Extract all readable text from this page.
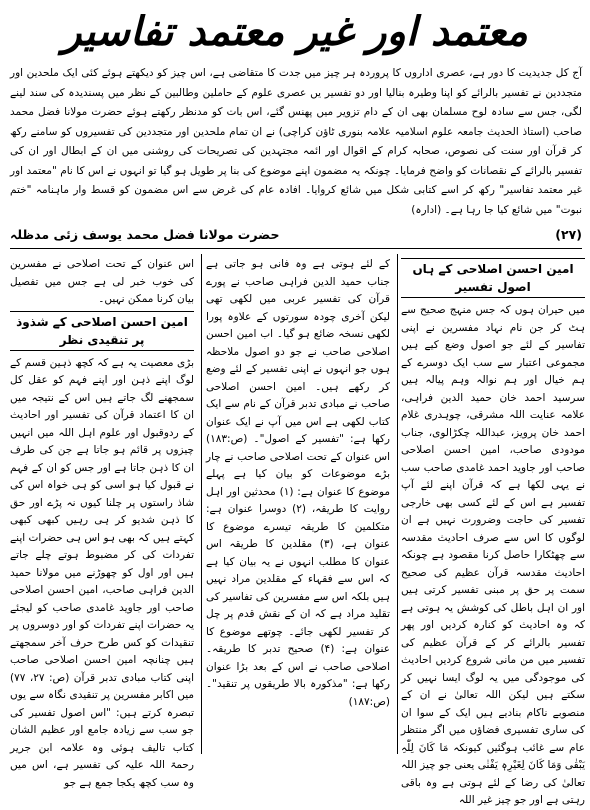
معتمد اور غیر معتمد تفاسیر
آج کل جدیدیت کا دور ہے، عصری اداروں کا پروردہ ہر چیز میں جدت کا متقاضی ہے، اس چیز کو دیکھتے ہوئے کئی ایک ملحدین اور متجددین نے تفسیر بالرائے کو اپنا وطیرہ بنالیا اور دو تفسیر یں عصری علوم کے حاملین وطالبین کے نظر میں پسندیدہ کی سند لینے لگی، جس سے سادہ لوح مسلمان بھی ان کے دام تزویر میں پھنس گئے، اس بات کو مدنظر رکھتے ہوئے حضرت مولانا فضل محمد صاحب (استاذ الحدیث جامعہ علوم اسلامیہ علامہ بنوری ٹاؤن کراچی) نے ان تمام ملحدین اور متجددین کی تفسیروں کو سامنے رکھ کر قرآن اور سنت کی نصوص، صحابہ کرام کے اقوال اور ائمہ مجتہدین کی تصریحات کی روشنی میں ان کے ابطال اور ان کی تفسیر بالرائے کے نقصانات کو واضح فرمایا۔ چونکہ یہ مضمون اپنے موضوع کی بنا پر طویل ہو گیا تو انہوں نے اس کا نام "معتمد اور غیر معتمد تفاسیر" رکھ کر اسے کتابی شکل میں شائع کروایا۔ افادہ عام کی غرض سے اس مضمون کو قسط وار ماہنامہ "ختم نبوت" میں شائع کیا جا رہا ہے۔ (ادارہ)
(۲۷)
حضرت مولانا فضل محمد یوسف زئی مدظلہ
امین احسن اصلاحی کے ہاں اصول تفسیر

میں حیران ہوں کہ جس منہج صحیح سے ہٹ کر جن نام نہاد مفسرین نے اپنی تفاسیر کے لئے جو اصول وضع کیے ہیں مجموعی اعتبار سے سب ایک دوسرے کے ہم خیال اور ہم نوالہ وہم پیالہ ہیں سرسید احمد خان حمید الدین فراہی، علامہ عنایت اللہ مشرقی، چوہدری غلام احمد خان پرویز، عبداللہ چکڑالوی، جناب مودودی صاحب، امین احسن اصلاحی صاحب اور جاوید احمد غامدی صاحب سب نے یہی لکھا ہے کہ قرآن اپنے لئے آپ تفسیر ہے اس کے لئے کسی بھی خارجی تفسیر کی حاجت وضرورت نہیں ہے ان لوگوں کا اس سے صرف احادیث مقدسہ سے چھٹکارا حاصل کرنا مقصود ہے چونکہ احادیث مقدسہ قرآن عظیم کی صحیح سمت پر حق پر مبنی تفسیر کرتی ہیں اور ان اہل باطل کی کوشش یہ ہوتی ہے کہ وہ احادیث کو کنارہ کردیں اور پھر تفسیر بالرائے کر کے قرآن عظیم کی تفسیر میں من مانی شروع کردیں احادیث کی موجودگی میں یہ لوگ ایسا نہیں کر سکتے ہیں لیکن اللہ تعالیٰ نے ان کے منصوبے ناکام بنادیے ہیں ایک کے سوا ان کی ساری تفسیری فضاؤں میں اگر منتظر عام سے غائب ہوگئیں کیونکہ مَا کَانَ لِلّٰہِ یَبْقٰی وَمَا کَانَ لِغَیْرِہٖ یَفْنٰی یعنی جو چیز اللہ تعالیٰ کی رضا کے لئے ہوتی ہے وہ باقی رہتی ہے اور جو چیز غیر اللہ

کے لئے ہوتی ہے وہ فانی ہو جاتی ہے جناب حمید الدین فراہی صاحب نے پورے قرآن کی تفسیر عربی میں لکھی تھی لیکن آخری چودہ سورتوں کے علاوہ پورا لکھی نسخہ ضائع ہو گیا۔ اب امین احسن اصلاحی صاحب نے جو دو اصول ملاحظہ ہوں جو انہوں نے اپنی تفسیر کے لئے وضع کر رکھے ہیں۔ امین احسن اصلاحی صاحب نے مبادی تدبر قرآن کے نام سے ایک کتاب لکھی ہے اس میں آپ نے ایک عنوان رکھا ہے: "تفسیر کے اصول"۔ (ص:۱۸۳) اس عنوان کے تحت اصلاحی صاحب نے چار بڑے موضوعات کو بیان کیا ہے پہلے موضوع کا عنوان ہے: (۱) محدثین اور اہل روایت کا طریقہ، (۲) دوسرا عنوان ہے: متکلمین کا طریقہ تیسرے موضوع کا عنوان ہے، (۳) مقلدین کا طریقہ اس عنوان کا مطلب انہوں نے یہ بیان کیا ہے کہ اس سے فقہاء کے مقلدین مراد نہیں ہیں بلکہ اس سے مفسرین کی تفاسیر کی تقلید مراد ہے کہ ان کے نقش قدم پر چل کر تفسیر لکھی جائے۔ چوتھے موضوع کا عنوان ہے: (۴) صحیح تدبر کا طریقہ۔ اصلاحی صاحب نے اس کے بعد بڑا عنوان رکھا ہے: "مذکورہ بالا طریقوں پر تنقید"۔ (ص:۱۸۷)

اس عنوان کے تحت اصلاحی نے مفسرین کی خوب خبر لی ہے جس میں تفصیل بیان کرنا ممکن نہیں۔

امین احسن اصلاحی کے شذوذ پر تنقیدی نظر

بڑی معصیت یہ ہے کہ کچھ ذہین قسم کے لوگ اپنے ذہن اور اپنے فہم کو عقل کل سمجھنے لگ جاتے ہیں اس کے نتیجہ میں ان کا اعتماد قرآن کی تفسیر اور احادیث کے ردوقبول اور علوم اہل اللہ میں انہیں چیزوں پر قائم ہو جاتا ہے جن کی طرف ان کا ذہن جاتا ہے اور جس کو ان کے فہم نے قبول کیا ہو اسی کو ہی خواہ اس کی شاذ راستوں پر چلنا کیوں نہ پڑے اور حق کا ذہن شدیو کر ہی رہیں کبھی کبھی کہتے ہیں کہ بھی ہو اس ہی حضرات اپنے تفردات کی کر مضبوط ہوتے چلے جاتے ہیں اور اول کو چھوڑنے میں مولانا حمید الدین فراہی صاحب، امین احسن اصلاحی صاحب اور جاوید غامدی صاحب کو لیجئے یہ حضرات اپنے تفردات کو اور دوسروں پر تنقیدات کو کس طرح حرف آخر سمجھتے ہیں چنانچہ امین احسن اصلاحی صاحب اپنی کتاب مبادی تدبر قرآن (ص: ۲۷، ۷۷) میں اکابر مفسرین پر تنقیدی نگاہ سے یوں تبصرہ کرتے ہیں: "اس اصول تفسیر کی جو سب سے زیادہ جامع اور عظیم الشان کتاب تالیف ہوئی وہ علامہ ابن جریر رحمۃ اللہ علیہ کی تفسیر ہے، اس میں وہ سب کچھ یکجا جمع ہے جو
